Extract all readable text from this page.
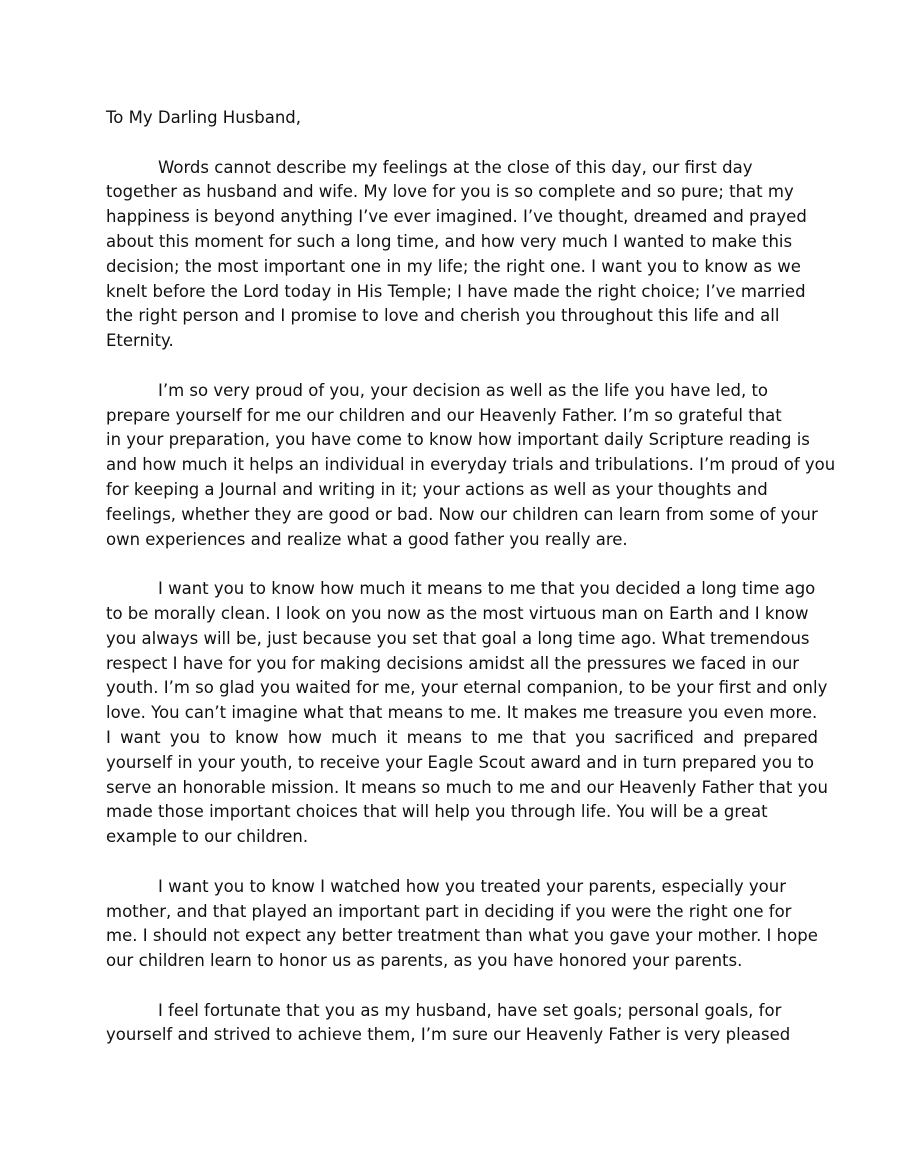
To My Darling Husband,
Words cannot describe my feelings at the close of this day, our first day
together as husband and wife. My love for you is so complete and so pure; that my
happiness is beyond anything I’ve ever imagined. I’ve thought, dreamed and prayed
about this moment for such a long time, and how very much I wanted to make this
decision; the most important one in my life; the right one. I want you to know as we
knelt before the Lord today in His Temple; I have made the right choice; I’ve married
the right person and I promise to love and cherish you throughout this life and all
Eternity.
I’m so very proud of you, your decision as well as the life you have led, to
prepare yourself for me our children and our Heavenly Father. I’m so grateful that
in your preparation, you have come to know how important daily Scripture reading is
and how much it helps an individual in everyday trials and tribulations. I’m proud of you
for keeping a Journal and writing in it; your actions as well as your thoughts and
feelings, whether they are good or bad. Now our children can learn from some of your
own experiences and realize what a good father you really are.
I want you to know how much it means to me that you decided a long time ago
to be morally clean. I look on you now as the most virtuous man on Earth and I know
you always will be, just because you set that goal a long time ago. What tremendous
respect I have for you for making decisions amidst all the pressures we faced in our
youth. I’m so glad you waited for me, your eternal companion, to be your first and only
love. You can’t imagine what that means to me. It makes me treasure you even more.
I want you to know how much it means to me that you sacrificed and prepared
yourself in your youth, to receive your Eagle Scout award and in turn prepared you to
serve an honorable mission. It means so much to me and our Heavenly Father that you
made those important choices that will help you through life. You will be a great
example to our children.
I want you to know I watched how you treated your parents, especially your
mother, and that played an important part in deciding if you were the right one for
me. I should not expect any better treatment than what you gave your mother. I hope
our children learn to honor us as parents, as you have honored your parents.
I feel fortunate that you as my husband, have set goals; personal goals, for
yourself and strived to achieve them, I’m sure our Heavenly Father is very pleased
